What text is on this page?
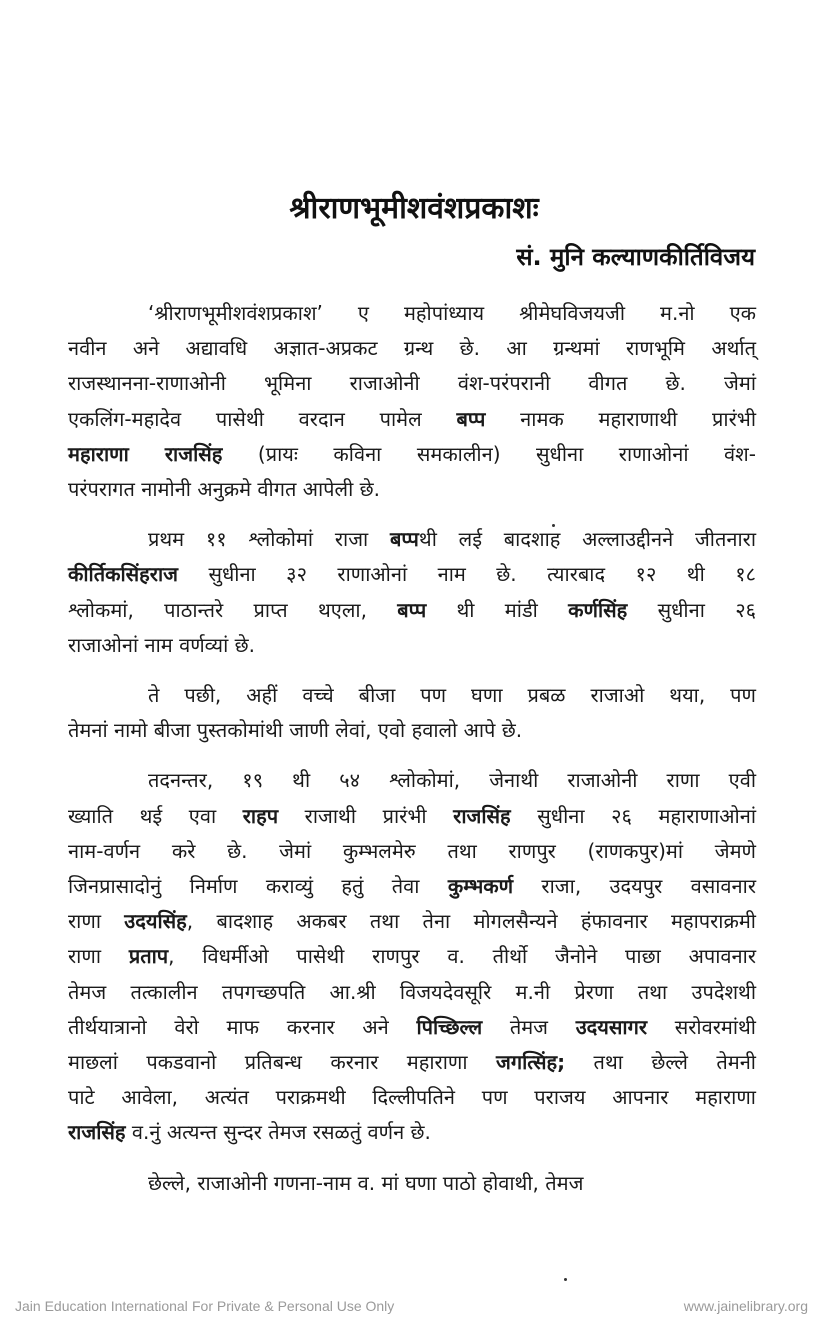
श्रीराणभूमीशवंशप्रकाशः
सं. मुनि कल्याणकीर्तिविजय

‘श्रीराणभूमीशवंशप्रकाश’ ए महोपांध्याय श्रीमेघविजयजी म.नो एक
नवीन अने अद्यावधि अज्ञात-अप्रकट ग्रन्थ छे. आ ग्रन्थमां राणभूमि अर्थात्
राजस्थानना-राणाओनी भूमिना राजाओनी वंश-परंपरानी वीगत छे. जेमां
एकलिंग-महादेव पासेथी वरदान पामेल बप्प नामक महाराणाथी प्रारंभी
महाराणा राजसिंह (प्रायः कविना समकालीन) सुधीना राणाओनां वंश-
परंपरागत नामोनी अनुक्रमे वीगत आपेली छे.

प्रथम ११ श्लोकोमां राजा बप्पथी लई बादशाह अल्लाउद्दीनने जीतनारा
कीर्तिकसिंहराज सुधीना ३२ राणाओनां नाम छे. त्यारबाद १२ थी १८
श्लोकमां, पाठान्तरे प्राप्त थएला, बप्प थी मांडी कर्णसिंह सुधीना २६
राजाओनां नाम वर्णव्यां छे.

ते पछी, अहीं वच्चे बीजा पण घणा प्रबळ राजाओ थया, पण
तेमनां नामो बीजा पुस्तकोमांथी जाणी लेवां, एवो हवालो आपे छे.

तदनन्तर, १९ थी ५४ श्लोकोमां, जेनाथी राजाओनी राणा एवी
ख्याति थई एवा राहप राजाथी प्रारंभी राजसिंह सुधीना २६ महाराणाओनां
नाम-वर्णन करे छे. जेमां कुम्भलमेरु तथा राणपुर (राणकपुर)मां जेमणे
जिनप्रासादोनुं निर्माण कराव्युं हतुं तेवा कुम्भकर्ण राजा, उदयपुर वसावनार
राणा उदयसिंह, बादशाह अकबर तथा तेना मोगलसैन्यने हंफावनार महापराक्रमी
राणा प्रताप, विधर्मीओ पासेथी राणपुर व. तीर्थो जैनोने पाछा अपावनार
तेमज तत्कालीन तपगच्छपति आ.श्री विजयदेवसूरि म.नी प्रेरणा तथा उपदेशथी
तीर्थयात्रानो वेरो माफ करनार अने पिच्छिल्ल तेमज उदयसागर सरोवरमांथी
माछलां पकडवानो प्रतिबन्ध करनार महाराणा जगत्सिंह; तथा छेल्ले तेमनी
पाटे आवेला, अत्यंत पराक्रमथी दिल्लीपतिने पण पराजय आपनार महाराणा
राजसिंह व.नुं अत्यन्त सुन्दर तेमज रसळतुं वर्णन छे.

छेल्ले, राजाओनी गणना-नाम व. मां घणा पाठो होवाथी, तेमज

Jain Education International For Private & Personal Use Only	www.jainelibrary.org
